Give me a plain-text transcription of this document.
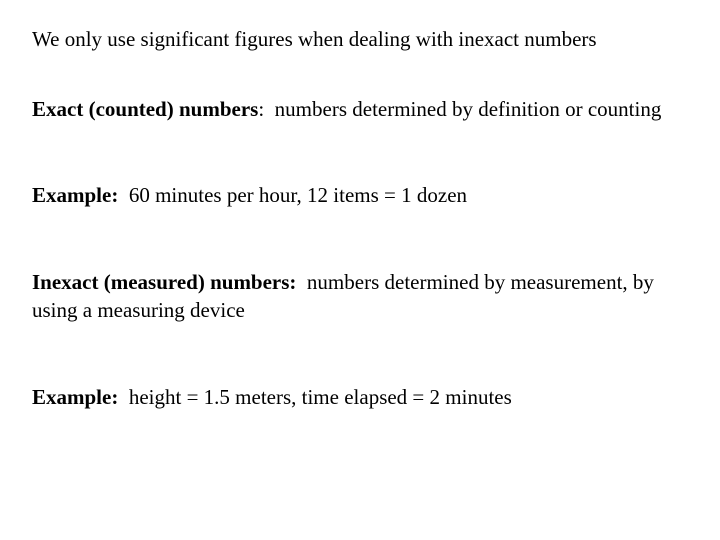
We only use significant figures when dealing with inexact numbers

Exact (counted) numbers:  numbers determined by definition or counting

Example:  60 minutes per hour, 12 items = 1 dozen

Inexact (measured) numbers:  numbers determined by measurement, by using a measuring device

Example:  height = 1.5 meters, time elapsed = 2 minutes
